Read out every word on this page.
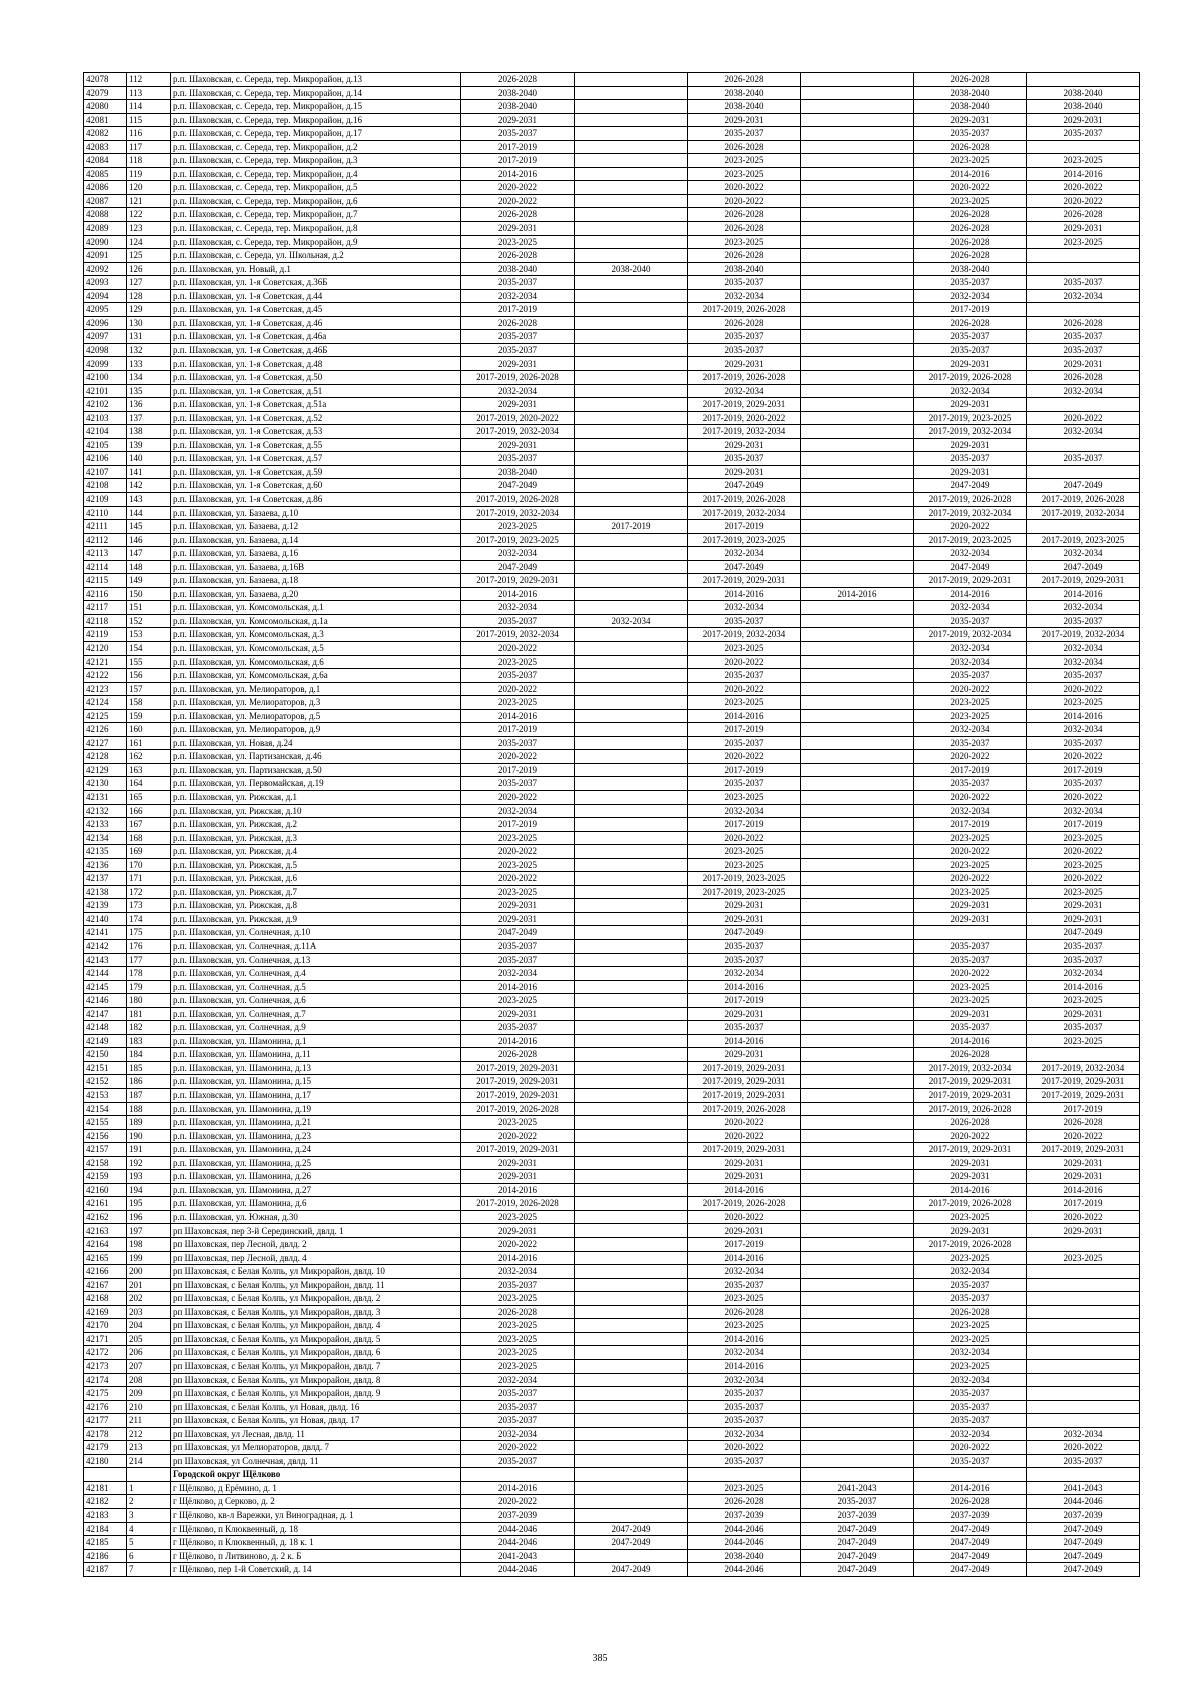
42078	112	р.п. Шаховская, с. Середа, тер. Микрорайон, д.13	2026-2028		2026-2028		2026-2028	
42079	113	р.п. Шаховская, с. Середа, тер. Микрорайон, д.14	2038-2040		2038-2040		2038-2040	2038-2040
42080	114	р.п. Шаховская, с. Середа, тер. Микрорайон, д.15	2038-2040		2038-2040		2038-2040	2038-2040
42081	115	р.п. Шаховская, с. Середа, тер. Микрорайон, д.16	2029-2031		2029-2031		2029-2031	2029-2031
42082	116	р.п. Шаховская, с. Середа, тер. Микрорайон, д.17	2035-2037		2035-2037		2035-2037	2035-2037
42083	117	р.п. Шаховская, с. Середа, тер. Микрорайон, д.2	2017-2019		2026-2028		2026-2028	
42084	118	р.п. Шаховская, с. Середа, тер. Микрорайон, д.3	2017-2019		2023-2025		2023-2025	2023-2025
42085	119	р.п. Шаховская, с. Середа, тер. Микрорайон, д.4	2014-2016		2023-2025		2014-2016	2014-2016
42086	120	р.п. Шаховская, с. Середа, тер. Микрорайон, д.5	2020-2022		2020-2022		2020-2022	2020-2022
42087	121	р.п. Шаховская, с. Середа, тер. Микрорайон, д.6	2020-2022		2020-2022		2023-2025	2020-2022
42088	122	р.п. Шаховская, с. Середа, тер. Микрорайон, д.7	2026-2028		2026-2028		2026-2028	2026-2028
42089	123	р.п. Шаховская, с. Середа, тер. Микрорайон, д.8	2029-2031		2026-2028		2026-2028	2029-2031
42090	124	р.п. Шаховская, с. Середа, тер. Микрорайон, д.9	2023-2025		2023-2025		2026-2028	2023-2025
42091	125	р.п. Шаховская, с. Середа, ул. Школьная, д.2	2026-2028		2026-2028		2026-2028	
42092	126	р.п. Шаховская, ул. Новый, д.1	2038-2040	2038-2040	2038-2040		2038-2040	
42093	127	р.п. Шаховская, ул. 1-я Советская, д.36Б	2035-2037		2035-2037		2035-2037	2035-2037
42094	128	р.п. Шаховская, ул. 1-я Советская, д.44	2032-2034		2032-2034		2032-2034	2032-2034
42095	129	р.п. Шаховская, ул. 1-я Советская, д.45	2017-2019		2017-2019, 2026-2028		2017-2019	
42096	130	р.п. Шаховская, ул. 1-я Советская, д.46	2026-2028		2026-2028		2026-2028	2026-2028
42097	131	р.п. Шаховская, ул. 1-я Советская, д.46а	2035-2037		2035-2037		2035-2037	2035-2037
42098	132	р.п. Шаховская, ул. 1-я Советская, д.46Б	2035-2037		2035-2037		2035-2037	2035-2037
42099	133	р.п. Шаховская, ул. 1-я Советская, д.48	2029-2031		2029-2031		2029-2031	2029-2031
42100	134	р.п. Шаховская, ул. 1-я Советская, д.50	2017-2019, 2026-2028		2017-2019, 2026-2028		2017-2019, 2026-2028	2026-2028
42101	135	р.п. Шаховская, ул. 1-я Советская, д.51	2032-2034		2032-2034		2032-2034	2032-2034
42102	136	р.п. Шаховская, ул. 1-я Советская, д.51а	2029-2031		2017-2019, 2029-2031		2029-2031	
42103	137	р.п. Шаховская, ул. 1-я Советская, д.52	2017-2019, 2020-2022		2017-2019, 2020-2022		2017-2019, 2023-2025	2020-2022
42104	138	р.п. Шаховская, ул. 1-я Советская, д.53	2017-2019, 2032-2034		2017-2019, 2032-2034		2017-2019, 2032-2034	2032-2034
42105	139	р.п. Шаховская, ул. 1-я Советская, д.55	2029-2031		2029-2031		2029-2031	
42106	140	р.п. Шаховская, ул. 1-я Советская, д.57	2035-2037		2035-2037		2035-2037	2035-2037
42107	141	р.п. Шаховская, ул. 1-я Советская, д.59	2038-2040		2029-2031		2029-2031	
42108	142	р.п. Шаховская, ул. 1-я Советская, д.60	2047-2049		2047-2049		2047-2049	2047-2049
42109	143	р.п. Шаховская, ул. 1-я Советская, д.86	2017-2019, 2026-2028		2017-2019, 2026-2028		2017-2019, 2026-2028	2017-2019, 2026-2028
42110	144	р.п. Шаховская, ул. Базаева, д.10	2017-2019, 2032-2034		2017-2019, 2032-2034		2017-2019, 2032-2034	2017-2019, 2032-2034
42111	145	р.п. Шаховская, ул. Базаева, д.12	2023-2025	2017-2019	2017-2019		2020-2022	
42112	146	р.п. Шаховская, ул. Базаева, д.14	2017-2019, 2023-2025		2017-2019, 2023-2025		2017-2019, 2023-2025	2017-2019, 2023-2025
42113	147	р.п. Шаховская, ул. Базаева, д.16	2032-2034		2032-2034		2032-2034	2032-2034
42114	148	р.п. Шаховская, ул. Базаева, д.16В	2047-2049		2047-2049		2047-2049	2047-2049
42115	149	р.п. Шаховская, ул. Базаева, д.18	2017-2019, 2029-2031		2017-2019, 2029-2031		2017-2019, 2029-2031	2017-2019, 2029-2031
42116	150	р.п. Шаховская, ул. Базаева, д.20	2014-2016		2014-2016	2014-2016	2014-2016	2014-2016
42117	151	р.п. Шаховская, ул. Комсомольская, д.1	2032-2034		2032-2034		2032-2034	2032-2034
42118	152	р.п. Шаховская, ул. Комсомольская, д.1а	2035-2037	2032-2034	2035-2037		2035-2037	2035-2037
42119	153	р.п. Шаховская, ул. Комсомольская, д.3	2017-2019, 2032-2034		2017-2019, 2032-2034		2017-2019, 2032-2034	2017-2019, 2032-2034
42120	154	р.п. Шаховская, ул. Комсомольская, д.5	2020-2022		2023-2025		2032-2034	2032-2034
42121	155	р.п. Шаховская, ул. Комсомольская, д.6	2023-2025		2020-2022		2032-2034	2032-2034
42122	156	р.п. Шаховская, ул. Комсомольская, д.6а	2035-2037		2035-2037		2035-2037	2035-2037
42123	157	р.п. Шаховская, ул. Мелиораторов, д.1	2020-2022		2020-2022		2020-2022	2020-2022
42124	158	р.п. Шаховская, ул. Мелиораторов, д.3	2023-2025		2023-2025		2023-2025	2023-2025
42125	159	р.п. Шаховская, ул. Мелиораторов, д.5	2014-2016		2014-2016		2023-2025	2014-2016
42126	160	р.п. Шаховская, ул. Мелиораторов, д.9	2017-2019		2017-2019		2032-2034	2032-2034
42127	161	р.п. Шаховская, ул. Новая, д.24	2035-2037		2035-2037		2035-2037	2035-2037
42128	162	р.п. Шаховская, ул. Партизанская, д.46	2020-2022		2020-2022		2020-2022	2020-2022
42129	163	р.п. Шаховская, ул. Партизанская, д.50	2017-2019		2017-2019		2017-2019	2017-2019
42130	164	р.п. Шаховская, ул. Первомайская, д.19	2035-2037		2035-2037		2035-2037	2035-2037
42131	165	р.п. Шаховская, ул. Рижская, д.1	2020-2022		2023-2025		2020-2022	2020-2022
42132	166	р.п. Шаховская, ул. Рижская, д.10	2032-2034		2032-2034		2032-2034	2032-2034
42133	167	р.п. Шаховская, ул. Рижская, д.2	2017-2019		2017-2019		2017-2019	2017-2019
42134	168	р.п. Шаховская, ул. Рижская, д.3	2023-2025		2020-2022		2023-2025	2023-2025
42135	169	р.п. Шаховская, ул. Рижская, д.4	2020-2022		2023-2025		2020-2022	2020-2022
42136	170	р.п. Шаховская, ул. Рижская, д.5	2023-2025		2023-2025		2023-2025	2023-2025
42137	171	р.п. Шаховская, ул. Рижская, д.6	2020-2022		2017-2019, 2023-2025		2020-2022	2020-2022
42138	172	р.п. Шаховская, ул. Рижская, д.7	2023-2025		2017-2019, 2023-2025		2023-2025	2023-2025
42139	173	р.п. Шаховская, ул. Рижская, д.8	2029-2031		2029-2031		2029-2031	2029-2031
42140	174	р.п. Шаховская, ул. Рижская, д.9	2029-2031		2029-2031		2029-2031	2029-2031
42141	175	р.п. Шаховская, ул. Солнечная, д.10	2047-2049		2047-2049			2047-2049
42142	176	р.п. Шаховская, ул. Солнечная, д.11А	2035-2037		2035-2037		2035-2037	2035-2037
42143	177	р.п. Шаховская, ул. Солнечная, д.13	2035-2037		2035-2037		2035-2037	2035-2037
42144	178	р.п. Шаховская, ул. Солнечная, д.4	2032-2034		2032-2034		2020-2022	2032-2034
42145	179	р.п. Шаховская, ул. Солнечная, д.5	2014-2016		2014-2016		2023-2025	2014-2016
42146	180	р.п. Шаховская, ул. Солнечная, д.6	2023-2025		2017-2019		2023-2025	2023-2025
42147	181	р.п. Шаховская, ул. Солнечная, д.7	2029-2031		2029-2031		2029-2031	2029-2031
42148	182	р.п. Шаховская, ул. Солнечная, д.9	2035-2037		2035-2037		2035-2037	2035-2037
42149	183	р.п. Шаховская, ул. Шамонина, д.1	2014-2016		2014-2016		2014-2016	2023-2025
42150	184	р.п. Шаховская, ул. Шамонина, д.11	2026-2028		2029-2031		2026-2028	
42151	185	р.п. Шаховская, ул. Шамонина, д.13	2017-2019, 2029-2031		2017-2019, 2029-2031		2017-2019, 2032-2034	2017-2019, 2032-2034
42152	186	р.п. Шаховская, ул. Шамонина, д.15	2017-2019, 2029-2031		2017-2019, 2029-2031		2017-2019, 2029-2031	2017-2019, 2029-2031
42153	187	р.п. Шаховская, ул. Шамонина, д.17	2017-2019, 2029-2031		2017-2019, 2029-2031		2017-2019, 2029-2031	2017-2019, 2029-2031
42154	188	р.п. Шаховская, ул. Шамонина, д.19	2017-2019, 2026-2028		2017-2019, 2026-2028		2017-2019, 2026-2028	2017-2019
42155	189	р.п. Шаховская, ул. Шамонина, д.21	2023-2025		2020-2022		2026-2028	2026-2028
42156	190	р.п. Шаховская, ул. Шамонина, д.23	2020-2022		2020-2022		2020-2022	2020-2022
42157	191	р.п. Шаховская, ул. Шамонина, д.24	2017-2019, 2029-2031		2017-2019, 2029-2031		2017-2019, 2029-2031	2017-2019, 2029-2031
42158	192	р.п. Шаховская, ул. Шамонина, д.25	2029-2031		2029-2031		2029-2031	2029-2031
42159	193	р.п. Шаховская, ул. Шамонина, д.26	2029-2031		2029-2031		2029-2031	2029-2031
42160	194	р.п. Шаховская, ул. Шамонина, д.27	2014-2016		2014-2016		2014-2016	2014-2016
42161	195	р.п. Шаховская, ул. Шамонина, д.6	2017-2019, 2026-2028		2017-2019, 2026-2028		2017-2019, 2026-2028	2017-2019
42162	196	р.п. Шаховская, ул. Южная, д.30	2023-2025		2020-2022		2023-2025	2020-2022
42163	197	рп Шаховская, пер 3-й Серединский, двлд. 1	2029-2031		2029-2031		2029-2031	2029-2031
42164	198	рп Шаховская, пер Лесной, двлд. 2	2020-2022		2017-2019		2017-2019, 2026-2028	
42165	199	рп Шаховская, пер Лесной, двлд. 4	2014-2016		2014-2016		2023-2025	2023-2025
42166	200	рп Шаховская, с Белая Колпь, ул Микрорайон, двлд. 10	2032-2034		2032-2034		2032-2034	
42167	201	рп Шаховская, с Белая Колпь, ул Микрорайон, двлд. 11	2035-2037		2035-2037		2035-2037	
42168	202	рп Шаховская, с Белая Колпь, ул Микрорайон, двлд. 2	2023-2025		2023-2025		2035-2037	
42169	203	рп Шаховская, с Белая Колпь, ул Микрорайон, двлд. 3	2026-2028		2026-2028		2026-2028	
42170	204	рп Шаховская, с Белая Колпь, ул Микрорайон, двлд. 4	2023-2025		2023-2025		2023-2025	
42171	205	рп Шаховская, с Белая Колпь, ул Микрорайон, двлд. 5	2023-2025		2014-2016		2023-2025	
42172	206	рп Шаховская, с Белая Колпь, ул Микрорайон, двлд. 6	2023-2025		2032-2034		2032-2034	
42173	207	рп Шаховская, с Белая Колпь, ул Микрорайон, двлд. 7	2023-2025		2014-2016		2023-2025	
42174	208	рп Шаховская, с Белая Колпь, ул Микрорайон, двлд. 8	2032-2034		2032-2034		2032-2034	
42175	209	рп Шаховская, с Белая Колпь, ул Микрорайон, двлд. 9	2035-2037		2035-2037		2035-2037	
42176	210	рп Шаховская, с Белая Колпь, ул Новая, двлд. 16	2035-2037		2035-2037		2035-2037	
42177	211	рп Шаховская, с Белая Колпь, ул Новая, двлд. 17	2035-2037		2035-2037		2035-2037	
42178	212	рп Шаховская, ул Лесная, двлд. 11	2032-2034		2032-2034		2032-2034	2032-2034
42179	213	рп Шаховская, ул Мелиораторов, двлд. 7	2020-2022		2020-2022		2020-2022	2020-2022
42180	214	рп Шаховская, ул Солнечная, двлд. 11	2035-2037		2035-2037		2035-2037	2035-2037
		Городской округ Щёлково						
42181	1	г Щёлково, д Ерёмино, д. 1	2014-2016		2023-2025	2041-2043	2014-2016	2041-2043
42182	2	г Щёлково, д Серково, д. 2	2020-2022		2026-2028	2035-2037	2026-2028	2044-2046
42183	3	г Щёлково, кв-л Варежки, ул Виноградная, д. 1	2037-2039		2037-2039	2037-2039	2037-2039	2037-2039
42184	4	г Щёлково, п Клюквенный, д. 18	2044-2046	2047-2049	2044-2046	2047-2049	2047-2049	2047-2049
42185	5	г Щёлково, п Клюквенный, д. 18 к. 1	2044-2046	2047-2049	2044-2046	2047-2049	2047-2049	2047-2049
42186	6	г Щёлково, п Литвиново, д. 2 к. Б	2041-2043		2038-2040	2047-2049	2047-2049	2047-2049
42187	7	г Щёлково, пер 1-й Советский, д. 14	2044-2046	2047-2049	2044-2046	2047-2049	2047-2049	2047-2049
385
